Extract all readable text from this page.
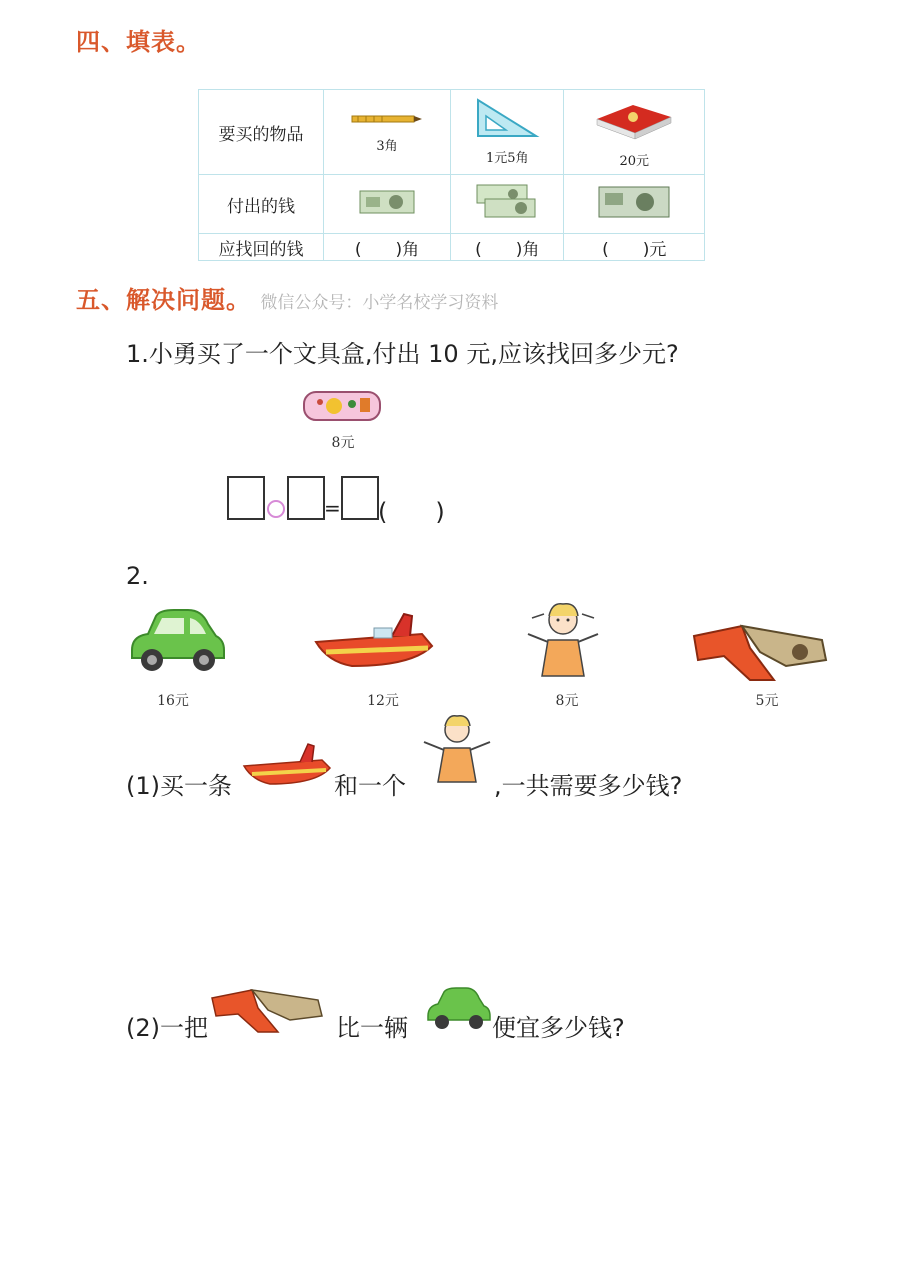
四、填表。
要买的物品	3角	1元5角	20元

付出的钱			
应找回的钱	(　　)角	(　　)角	(　　)元
五、解决问题。 微信公众号：小学名校学习资料
1.小勇买了一个文具盒,付出 10 元,应该找回多少元?
8元
= (　　)
2.
16元	12元	8元	5元
(1)买一条	和一个	,一共需要多少钱?
(2)一把	比一辆	便宜多少钱?
